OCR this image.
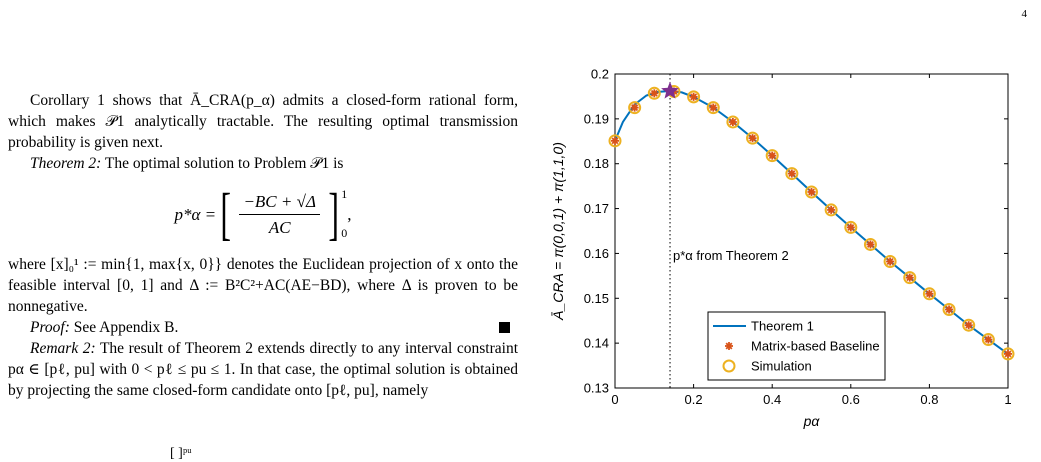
4

Corollary 1 shows that Ā_CRA(p_α) admits a closed-form rational form, which makes 𝒫1 analytically tractable. The resulting optimal transmission probability is given next.

Theorem 2: The optimal solution to Problem 𝒫1 is

p*α = [ $\frac{-BC + √\Delta}{AC}$ ] 1
0
,

where [x]₀¹ := min{1, max{x, 0}} denotes the Euclidean projection of x onto the feasible interval [0, 1] and Δ := B²C²+AC(AE−BD), where Δ is proven to be nonnegative.

Proof: See Appendix B.

Remark 2: The result of Theorem 2 extends directly to any interval constraint pα ∈ [pℓ, pu] with 0 < pℓ ≤ pu ≤ 1. In that case, the optimal solution is obtained by projecting the same closed-form candidate onto [pℓ, pu], namely

[ ]ᵖᵘ
0	0.2	0.4	0.6	0.8	1
0.13
0.14
0.15
0.16
0.17
0.18
0.19
0.2
pα
Ā_CRA = π(0,0,1) + π(1,1,0)	p*α from Theorem 2
Theorem 1
Matrix-based Baseline
Simulation
